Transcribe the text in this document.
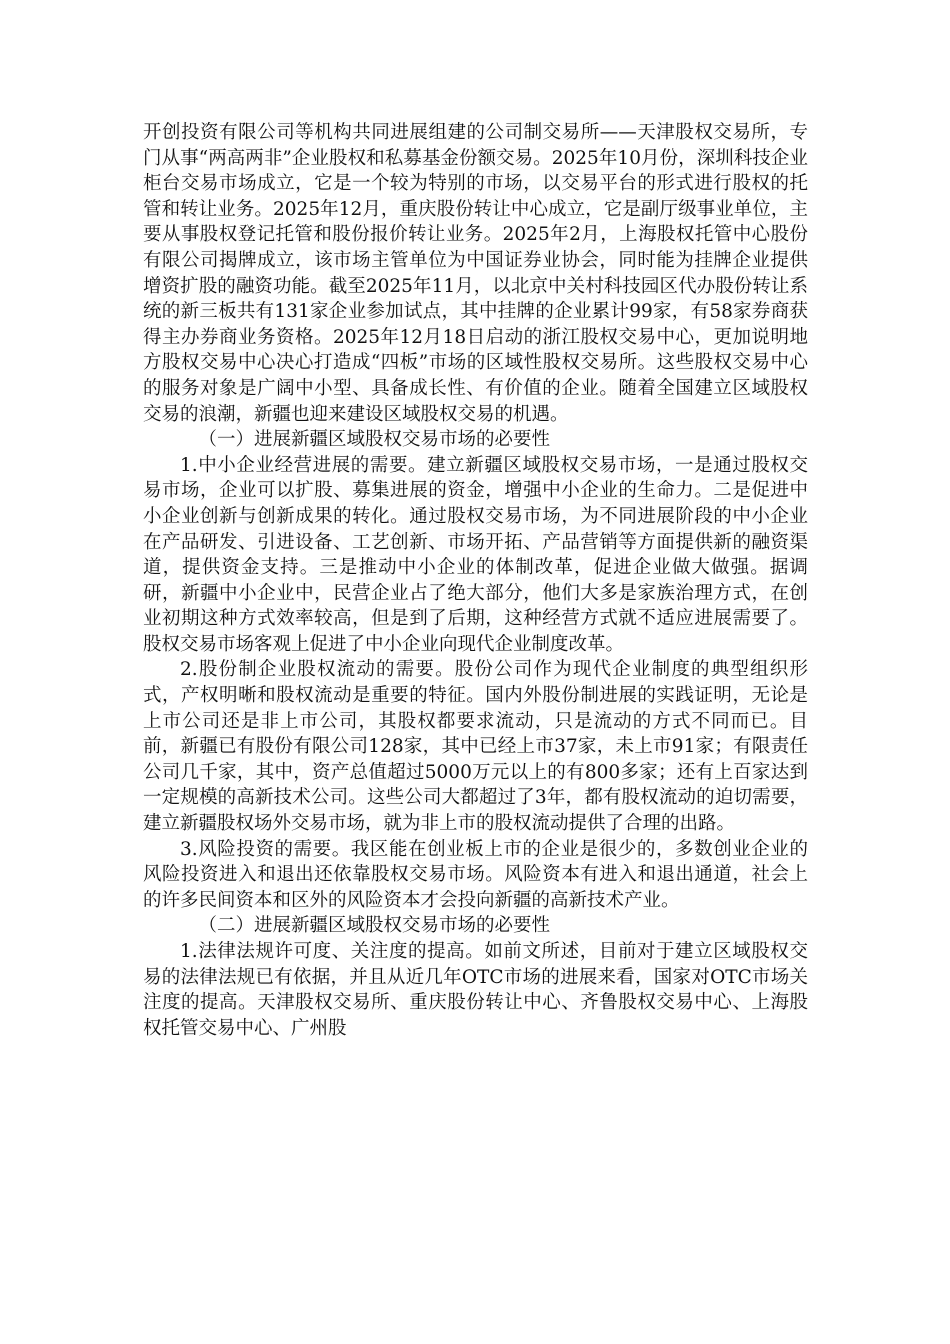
开创投资有限公司等机构共同进展组建的公司制交易所——天津股权交易所，专门从事“两高两非”企业股权和私募基金份额交易。2025年10月份，深圳科技企业柜台交易市场成立，它是一个较为特别的市场，以交易平台的形式进行股权的托管和转让业务。2025年12月，重庆股份转让中心成立，它是副厅级事业单位，主要从事股权登记托管和股份报价转让业务。2025年2月，上海股权托管中心股份有限公司揭牌成立，该市场主管单位为中国证券业协会，同时能为挂牌企业提供增资扩股的融资功能。截至2025年11月，以北京中关村科技园区代办股份转让系统的新三板共有131家企业参加试点，其中挂牌的企业累计99家，有58家券商获得主办券商业务资格。2025年12月18日启动的浙江股权交易中心，更加说明地方股权交易中心决心打造成“四板”市场的区域性股权交易所。这些股权交易中心的服务对象是广阔中小型、具备成长性、有价值的企业。随着全国建立区域股权交易的浪潮，新疆也迎来建设区域股权交易的机遇。

（一）进展新疆区域股权交易市场的必要性

1.中小企业经营进展的需要。建立新疆区域股权交易市场，一是通过股权交易市场，企业可以扩股、募集进展的资金，增强中小企业的生命力。二是促进中小企业创新与创新成果的转化。通过股权交易市场，为不同进展阶段的中小企业在产品研发、引进设备、工艺创新、市场开拓、产品营销等方面提供新的融资渠道，提供资金支持。三是推动中小企业的体制改革，促进企业做大做强。据调研，新疆中小企业中，民营企业占了绝大部分，他们大多是家族治理方式，在创业初期这种方式效率较高，但是到了后期，这种经营方式就不适应进展需要了。股权交易市场客观上促进了中小企业向现代企业制度改革。

2.股份制企业股权流动的需要。股份公司作为现代企业制度的典型组织形式，产权明晰和股权流动是重要的特征。国内外股份制进展的实践证明，无论是上市公司还是非上市公司，其股权都要求流动，只是流动的方式不同而已。目前，新疆已有股份有限公司128家，其中已经上市37家，未上市91家；有限责任公司几千家，其中，资产总值超过5000万元以上的有800多家；还有上百家达到一定规模的高新技术公司。这些公司大都超过了3年，都有股权流动的迫切需要，建立新疆股权场外交易市场，就为非上市的股权流动提供了合理的出路。

3.风险投资的需要。我区能在创业板上市的企业是很少的，多数创业企业的风险投资进入和退出还依靠股权交易市场。风险资本有进入和退出通道，社会上的许多民间资本和区外的风险资本才会投向新疆的高新技术产业。

（二）进展新疆区域股权交易市场的必要性

1.法律法规许可度、关注度的提高。如前文所述，目前对于建立区域股权交易的法律法规已有依据，并且从近几年OTC市场的进展来看，国家对OTC市场关注度的提高。天津股权交易所、重庆股份转让中心、齐鲁股权交易中心、上海股权托管交易中心、广州股
